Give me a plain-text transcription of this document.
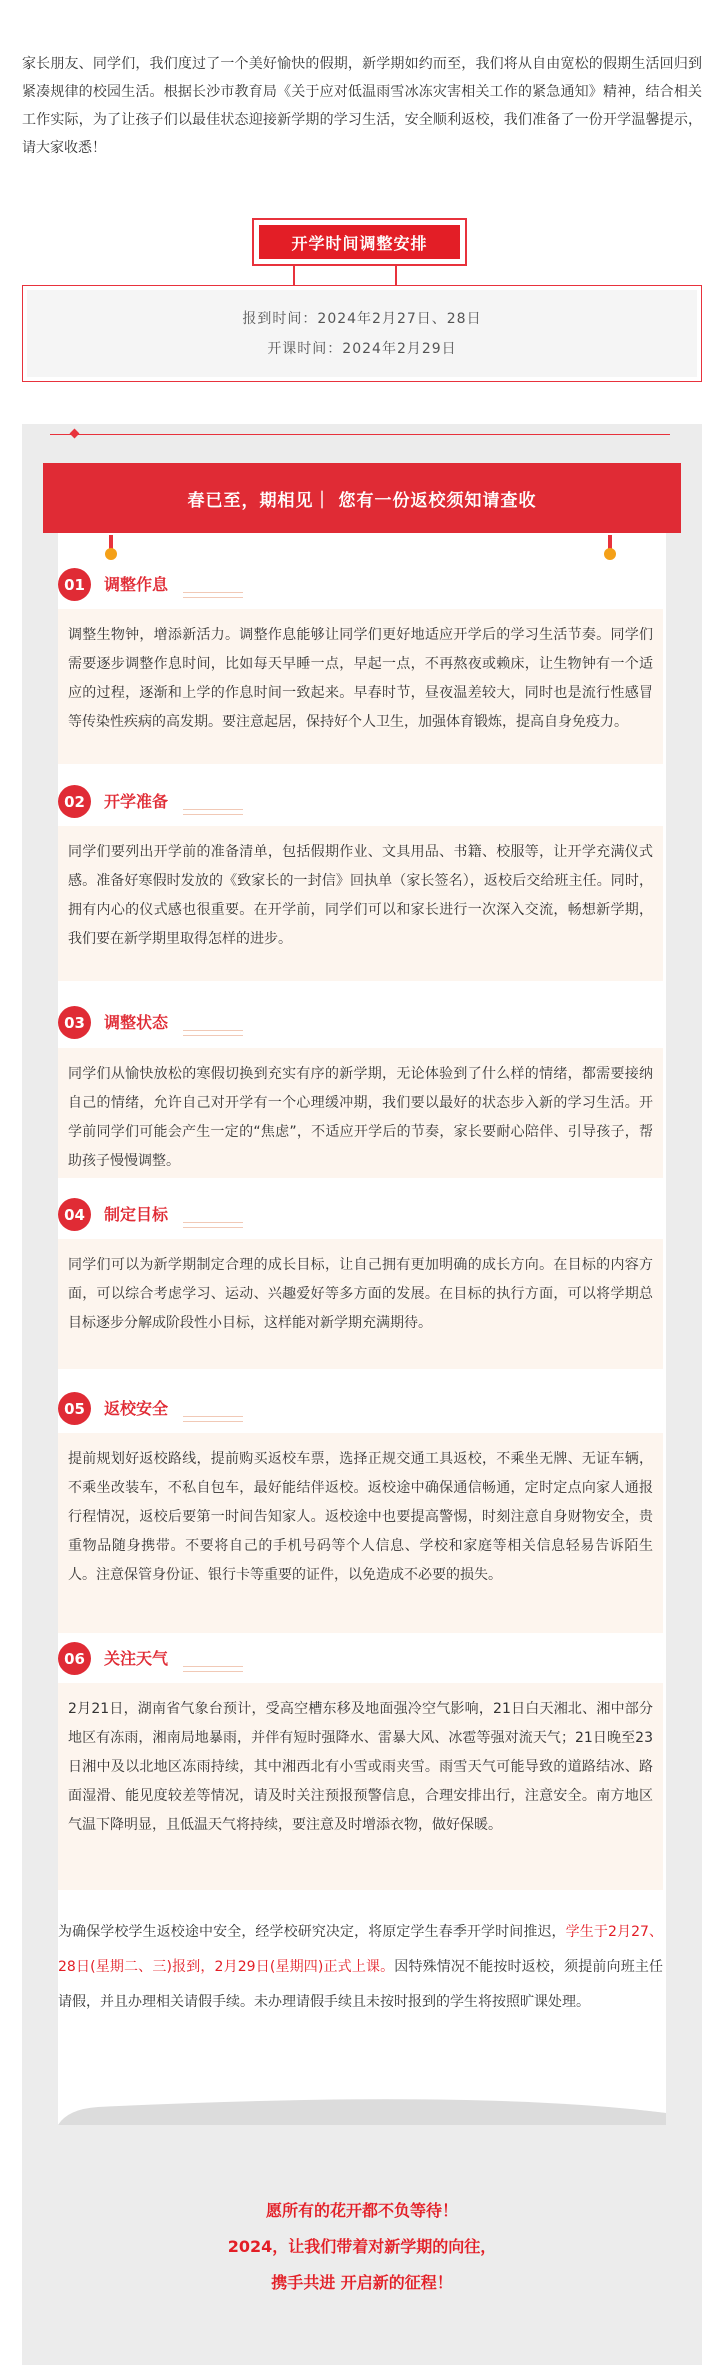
家长朋友、同学们，我们度过了一个美好愉快的假期，新学期如约而至，我们将从自由宽松的假期生活回归到紧凑规律的校园生活。根据长沙市教育局《关于应对低温雨雪冰冻灾害相关工作的紧急通知》精神，结合相关工作实际，为了让孩子们以最佳状态迎接新学期的学习生活，安全顺利返校，我们准备了一份开学温馨提示，请大家收悉！

开学时间调整安排
报到时间：2024年2月27日、28日
开课时间：2024年2月29日
春已至，期相见｜ 您有一份返校须知请查收
01	调整作息
调整生物钟，增添新活力。调整作息能够让同学们更好地适应开学后的学习生活节奏。同学们需要逐步调整作息时间，比如每天早睡一点，早起一点，不再熬夜或赖床，让生物钟有一个适应的过程，逐渐和上学的作息时间一致起来。早春时节，昼夜温差较大，同时也是流行性感冒等传染性疾病的高发期。要注意起居，保持好个人卫生，加强体育锻炼，提高自身免疫力。
02	开学准备
同学们要列出开学前的准备清单，包括假期作业、文具用品、书籍、校服等，让开学充满仪式感。准备好寒假时发放的《致家长的一封信》回执单（家长签名），返校后交给班主任。同时，拥有内心的仪式感也很重要。在开学前，同学们可以和家长进行一次深入交流，畅想新学期，我们要在新学期里取得怎样的进步。
03	调整状态
同学们从愉快放松的寒假切换到充实有序的新学期，无论体验到了什么样的情绪，都需要接纳自己的情绪，允许自己对开学有一个心理缓冲期，我们要以最好的状态步入新的学习生活。开学前同学们可能会产生一定的“焦虑”，不适应开学后的节奏，家长要耐心陪伴、引导孩子，帮助孩子慢慢调整。
04	制定目标
同学们可以为新学期制定合理的成长目标，让自己拥有更加明确的成长方向。在目标的内容方面，可以综合考虑学习、运动、兴趣爱好等多方面的发展。在目标的执行方面，可以将学期总目标逐步分解成阶段性小目标，这样能对新学期充满期待。
05	返校安全
提前规划好返校路线，提前购买返校车票，选择正规交通工具返校，不乘坐无牌、无证车辆，不乘坐改装车，不私自包车，最好能结伴返校。返校途中确保通信畅通，定时定点向家人通报行程情况，返校后要第一时间告知家人。返校途中也要提高警惕，时刻注意自身财物安全，贵重物品随身携带。不要将自己的手机号码等个人信息、学校和家庭等相关信息轻易告诉陌生人。注意保管身份证、银行卡等重要的证件，以免造成不必要的损失。
06	关注天气
2月21日，湖南省气象台预计，受高空槽东移及地面强冷空气影响，21日白天湘北、湘中部分地区有冻雨，湘南局地暴雨，并伴有短时强降水、雷暴大风、冰雹等强对流天气；21日晚至23日湘中及以北地区冻雨持续，其中湘西北有小雪或雨夹雪。雨雪天气可能导致的道路结冰、路面湿滑、能见度较差等情况，请及时关注预报预警信息，合理安排出行，注意安全。南方地区气温下降明显，且低温天气将持续，要注意及时增添衣物，做好保暖。
为确保学校学生返校途中安全，经学校研究决定，将原定学生春季开学时间推迟，学生于2月27、28日(星期二、三)报到，2月29日(星期四)正式上课。因特殊情况不能按时返校，须提前向班主任请假，并且办理相关请假手续。未办理请假手续且未按时报到的学生将按照旷课处理。
愿所有的花开都不负等待！
2024，让我们带着对新学期的向往，
携手共进 开启新的征程！
